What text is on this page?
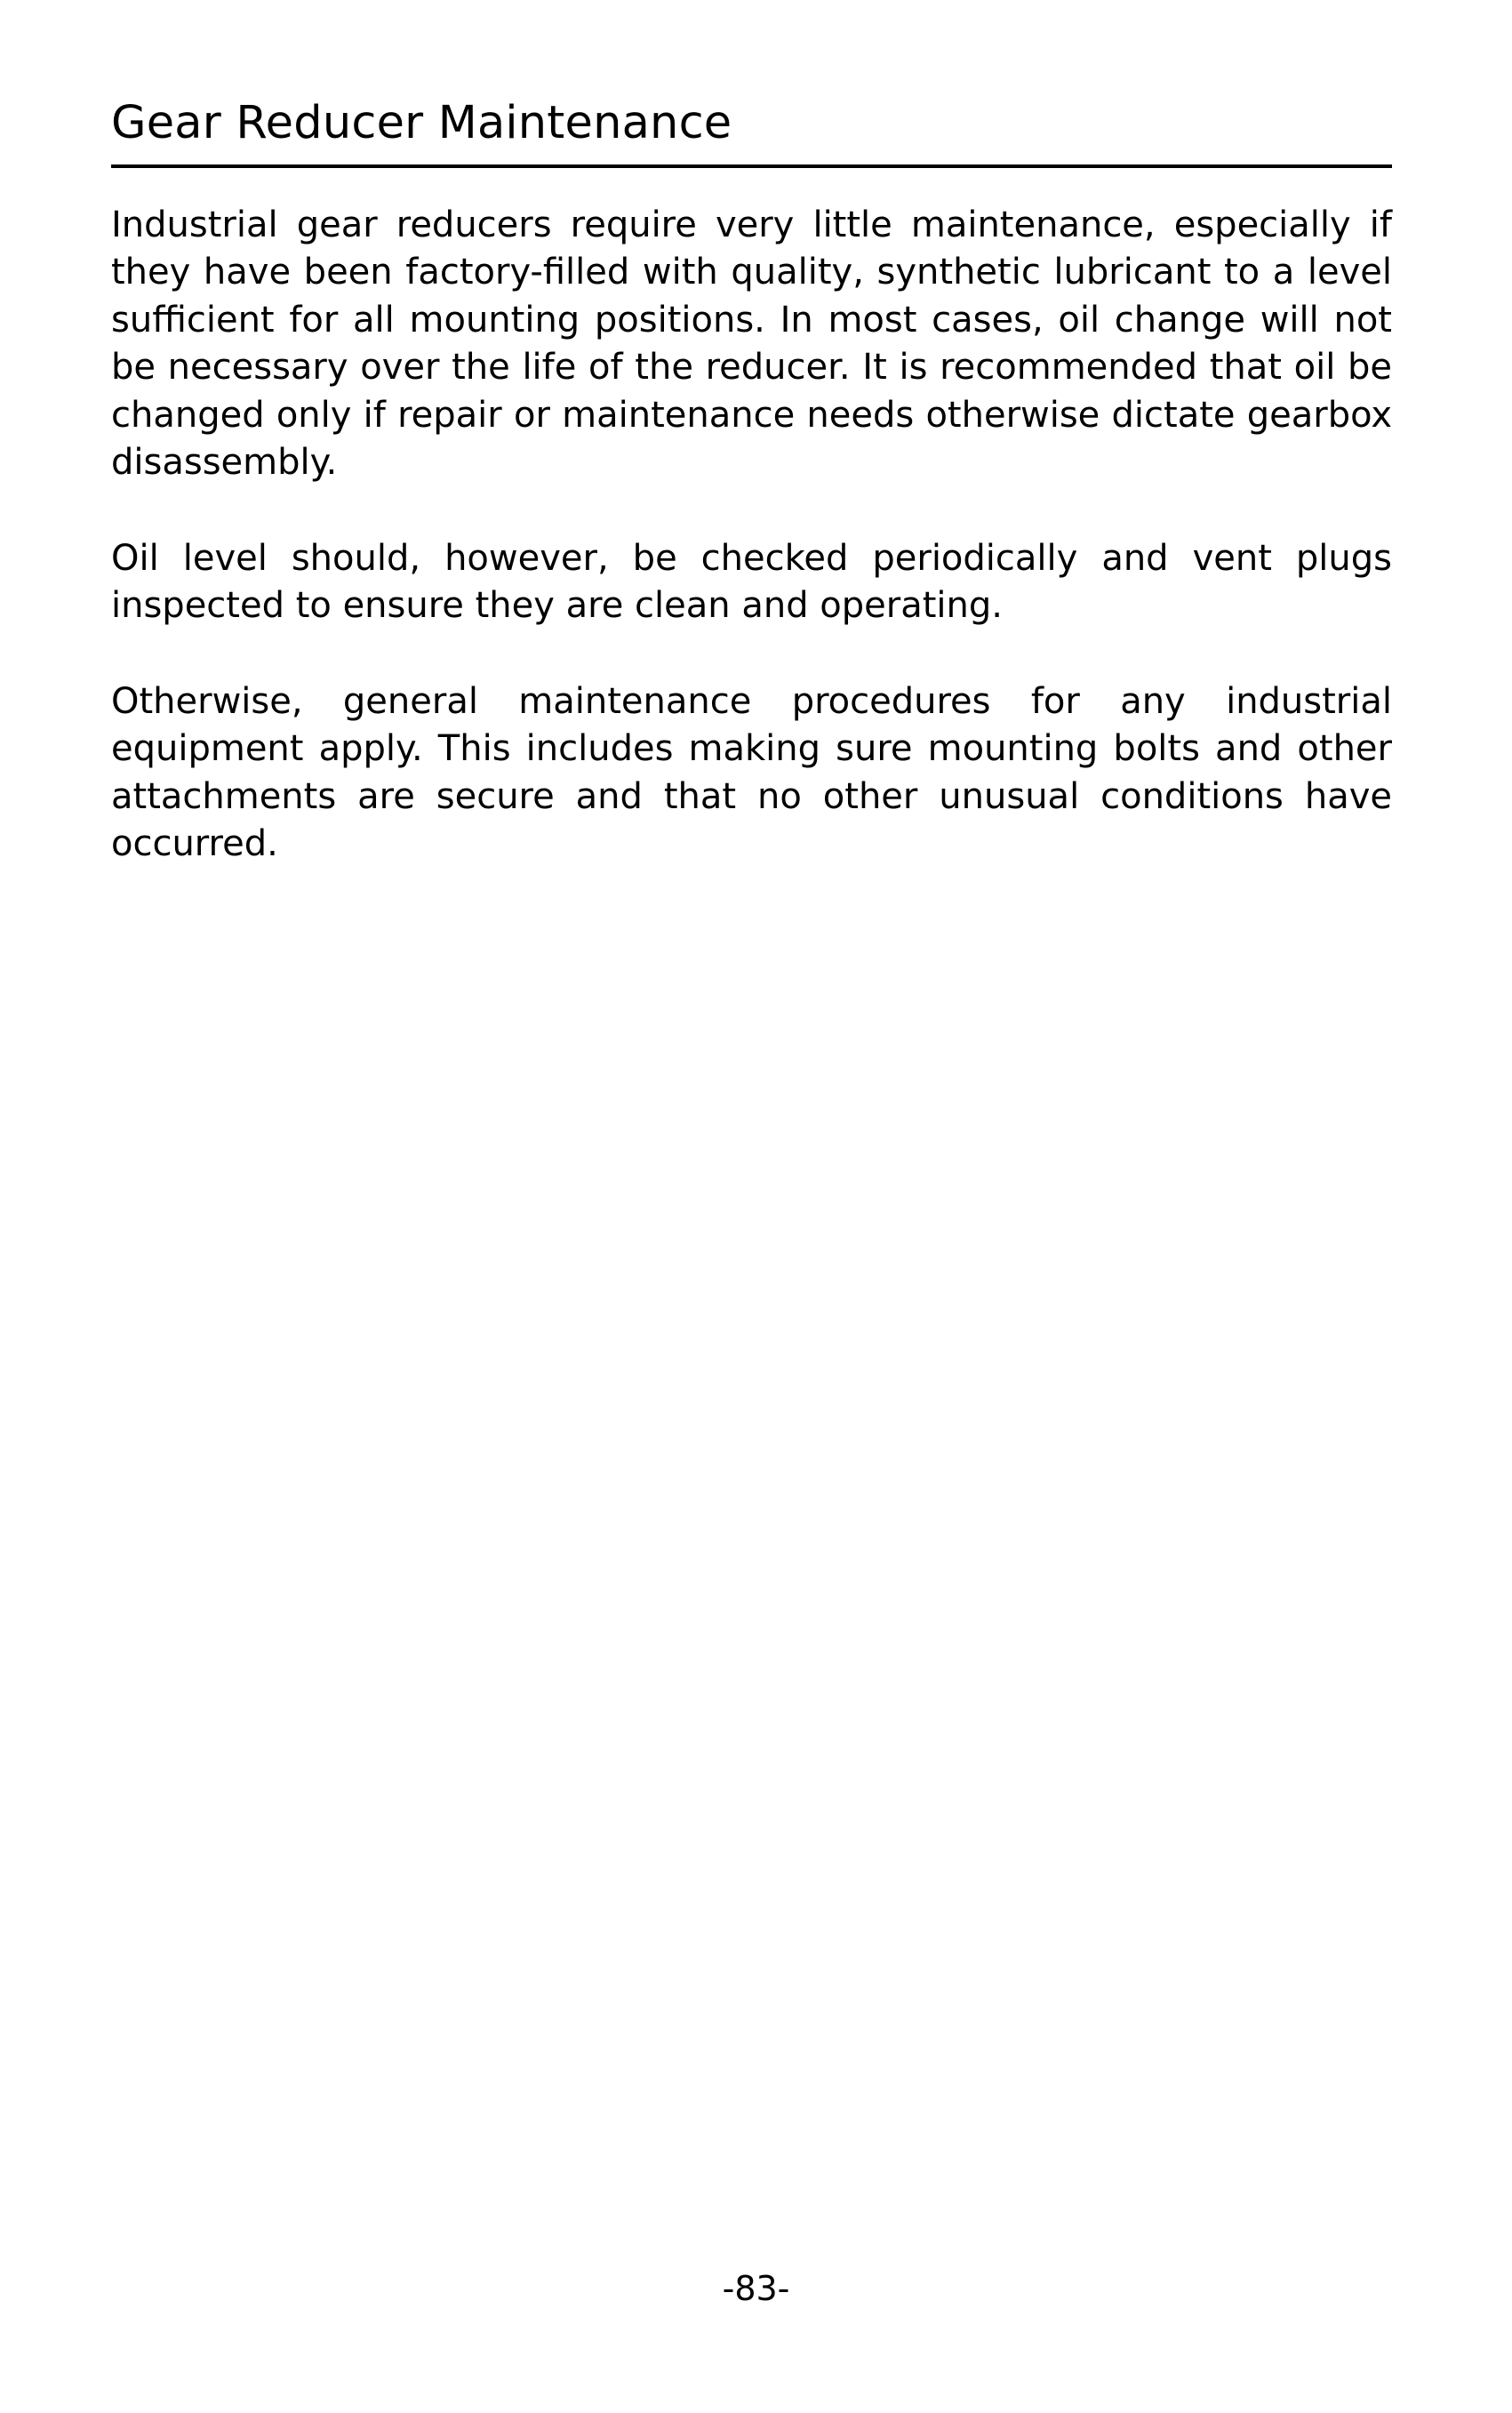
Gear Reducer Maintenance

Industrial gear reducers require very little maintenance, especially if they have been factory-filled with quality, synthetic lubricant to a level sufficient for all mounting positions. In most cases, oil change will not be necessary over the life of the reducer. It is recommended that oil be changed only if repair or maintenance needs otherwise dictate gearbox disassembly.

Oil level should, however, be checked periodically and vent plugs inspected to ensure they are clean and operating.

Otherwise, general maintenance procedures for any industrial equipment apply. This includes making sure mounting bolts and other attachments are secure and that no other unusual conditions have occurred.

-83-
